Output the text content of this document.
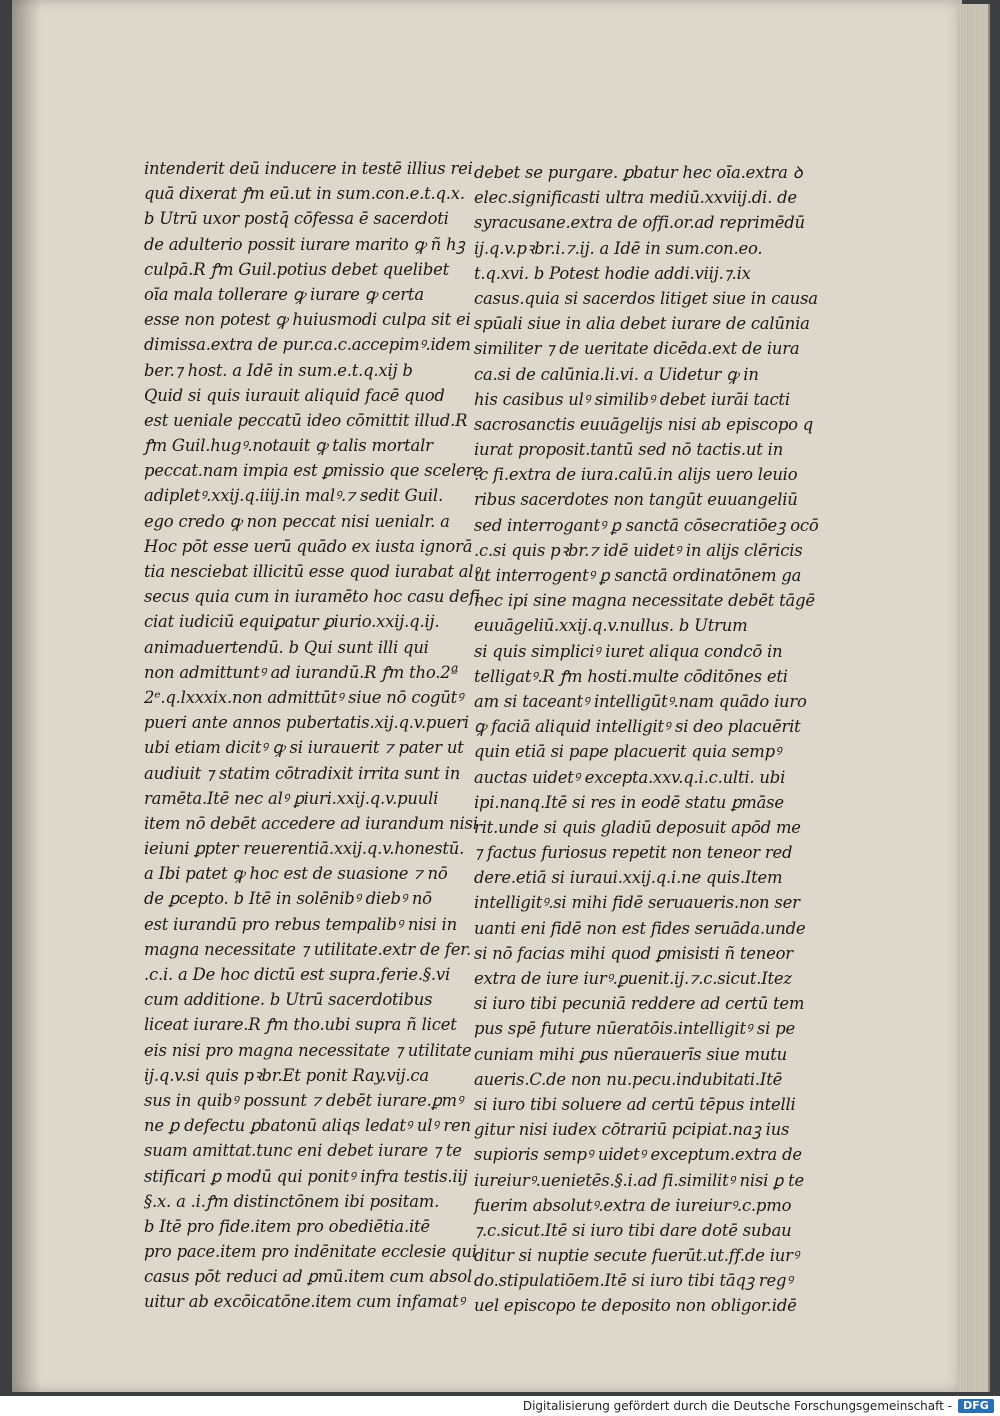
intenderit deū inducere in testē illius rei
quā dixerat ꝭm eū.ut in sum.con.e.t.q.x.
b Utrū uxor postq̄ cōfessa ē sacerdoti
de adulterio possit iurare marito ꝙ ñ hꝫ
culpā.R ꝭm Guil.potius debet quelibet
oīa mala tollerare ꝙ iurare ꝙ certa
esse non potest ꝙ huiusmodi culpa sit ei
dimissa.extra de pur.ca.c.accepimꝰ.idem
ber.⁊ host. a Idē in sum.e.t.q.xij b
Quid si quis iurauit aliquid facē quod
est ueniale peccatū ideo cōmittit illud.R
ꝭm Guil.hugꝰ.notauit ꝙ talis mortalr
peccat.nam impia est ꝑmissio que scelere
adipletꝰ.xxij.q.iiij.in malꝰ.⁊ sedit Guil.
ego credo ꝙ non peccat nisi uenialr. a
Hoc pōt esse uerū quādo ex iusta ignorā
tia nesciebat illicitū esse quod iurabat alꝰ
secus quia cum in iuramēto hoc casu defi
ciat iudiciū equiꝑatur ꝑiurio.xxij.q.ij.
animaduertendū. b Qui sunt illi qui
non admittuntꝰ ad iurandū.R ꝭm tho.2ª
2ᵉ.q.lxxxix.non admittūtꝰ siue nō cogūtꝰ
pueri ante annos pubertatis.xij.q.v.pueri
ubi etiam dicitꝰ ꝙ si iurauerit ⁊ pater ut
audiuit ⁊ statim cōtradixit irrita sunt in
ramēta.Itē nec alꝰ ꝑiuri.xxij.q.v.puuli
item nō debēt accedere ad iurandum nisi
ieiuni ꝑpter reuerentiā.xxij.q.v.honestū.
a Ibi patet ꝙ hoc est de suasione ⁊ nō
de ꝑcepto. b Itē in solēnibꝰ diebꝰ nō
est iurandū pro rebus tempalibꝰ nisi in
magna necessitate ⁊ utilitate.extr de fer.
.c.i. a De hoc dictū est supra.ferie.§.vi
cum additione. b Utrū sacerdotibus
liceat iurare.R ꝭm tho.ubi supra ñ licet
eis nisi pro magna necessitate ⁊ utilitate
ij.q.v.si quis pꝛbr.Et ponit Ray.vij.ca
sus in quibꝰ possunt ⁊ debēt iurare.ꝑmꝰ
ne ꝑ defectu ꝑbatonū aliqs ledatꝰ ulꝰ ren
suam amittat.tunc eni debet iurare ⁊ te
stificari ꝑ modū qui ponitꝰ infra testis.iij
§.x. a .i.ꝭm distinctōnem ibi positam.
b Itē pro fide.item pro obediētia.itē
pro pace.item pro indēnitate ecclesie qui
casus pōt reduci ad ꝑmū.item cum absol
uitur ab excōicatōne.item cum infamatꝰ
debet se purgare. ꝑbatur hec oīa.extra ꝺ
elec.significasti ultra mediū.xxviij.di. de
syracusane.extra de offi.or.ad reprimēdū
ij.q.v.pꝛbr.i.⁊.ij. a Idē in sum.con.eo.
t.q.xvi. b Potest hodie addi.viij.⁊.ix
casus.quia si sacerdos litiget siue in causa
spūali siue in alia debet iurare de calūnia
similiter ⁊ de ueritate dicēda.ext de iura
ca.si de calūnia.li.vi. a Uidetur ꝙ in
his casibus ulꝰ similibꝰ debet iurāi tacti
sacrosanctis euuāgelijs nisi ab episcopo q
iurat proposit.tantū sed nō tactis.ut in
.c fi.extra de iura.calū.in alijs uero leuio
ribus sacerdotes non tangūt euuangeliū
sed interrogantꝰ ꝑ sanctā cōsecratiōeꝫ ocō
.c.si quis pꝛbr.⁊ idē uidetꝰ in alijs clēricis
ut interrogentꝰ ꝑ sanctā ordinatōnem ga
nec ipi sine magna necessitate debēt tāgē
euuāgeliū.xxij.q.v.nullus. b Utrum
si quis simpliciꝰ iuret aliqua condcō in
telligatꝰ.R ꝭm hosti.multe cōditōnes eti
am si taceantꝰ intelligūtꝰ.nam quādo iuro
ꝙ faciā aliquid intelligitꝰ si deo placuērit
quin etiā si pape placuerit quia sempꝰ
auctas uidetꝰ excepta.xxv.q.i.c.ulti. ubi
ipi.nanq.Itē si res in eodē statu ꝑmāse
rit.unde si quis gladiū deposuit apōd me
⁊ factus furiosus repetit non teneor red
dere.etiā si iuraui.xxij.q.i.ne quis.Item
intelligitꝰ.si mihi fidē seruaueris.non ser
uanti eni fidē non est fides seruāda.unde
si nō facias mihi quod ꝑmisisti ñ teneor
extra de iure iurꝰ.ꝑuenit.ij.⁊.c.sicut.Itez
si iuro tibi pecuniā reddere ad certū tem
pus spē future nūeratōis.intelligitꝰ si pe
cuniam mihi ꝑus nūerauerīs siue mutu
aueris.C.de non nu.pecu.indubitati.Itē
si iuro tibi soluere ad certū tēpus intelli
gitur nisi iudex cōtrariū pcipiat.naꝫ ius
supioris sempꝰ uidetꝰ exceptum.extra de
iureiurꝰ.uenietēs.§.i.ad fi.similitꝰ nisi ꝑ te
fuerim absolutꝰ.extra de iureiurꝰ.c.pmo
⁊.c.sicut.Itē si iuro tibi dare dotē subau
ditur si nuptie secute fuerūt.ut.ff.de iurꝰ
do.stipulatiōem.Itē si iuro tibi tāqꝫ regꝰ
uel episcopo te deposito non obligor.idē
Digitalisierung gefördert durch die Deutsche Forschungsgemeinschaft -	DFG
